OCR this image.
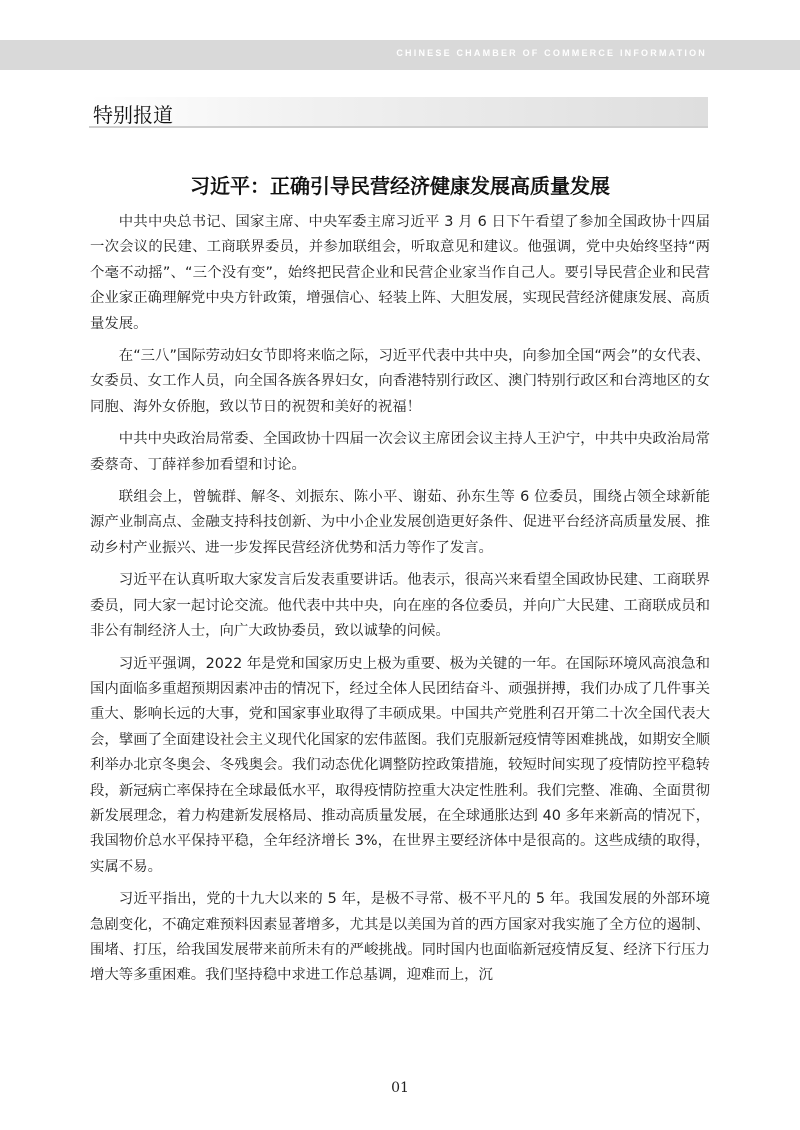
CHINESE CHAMBER OF COMMERCE INFORMATION
特别报道
习近平：正确引导民营经济健康发展高质量发展

中共中央总书记、国家主席、中央军委主席习近平 3 月 6 日下午看望了参加全国政协十四届一次会议的民建、工商联界委员，并参加联组会，听取意见和建议。他强调，党中央始终坚持“两个毫不动摇”、“三个没有变”，始终把民营企业和民营企业家当作自己人。要引导民营企业和民营企业家正确理解党中央方针政策，增强信心、轻装上阵、大胆发展，实现民营经济健康发展、高质量发展。

在“三八”国际劳动妇女节即将来临之际，习近平代表中共中央，向参加全国“两会”的女代表、女委员、女工作人员，向全国各族各界妇女，向香港特别行政区、澳门特别行政区和台湾地区的女同胞、海外女侨胞，致以节日的祝贺和美好的祝福！

中共中央政治局常委、全国政协十四届一次会议主席团会议主持人王沪宁，中共中央政治局常委蔡奇、丁薛祥参加看望和讨论。

联组会上，曾毓群、解冬、刘振东、陈小平、谢茹、孙东生等 6 位委员，围绕占领全球新能源产业制高点、金融支持科技创新、为中小企业发展创造更好条件、促进平台经济高质量发展、推动乡村产业振兴、进一步发挥民营经济优势和活力等作了发言。

习近平在认真听取大家发言后发表重要讲话。他表示，很高兴来看望全国政协民建、工商联界委员，同大家一起讨论交流。他代表中共中央，向在座的各位委员，并向广大民建、工商联成员和非公有制经济人士，向广大政协委员，致以诚挚的问候。

习近平强调，2022 年是党和国家历史上极为重要、极为关键的一年。在国际环境风高浪急和国内面临多重超预期因素冲击的情况下，经过全体人民团结奋斗、顽强拼搏，我们办成了几件事关重大、影响长远的大事，党和国家事业取得了丰硕成果。中国共产党胜利召开第二十次全国代表大会，擘画了全面建设社会主义现代化国家的宏伟蓝图。我们克服新冠疫情等困难挑战，如期安全顺利举办北京冬奥会、冬残奥会。我们动态优化调整防控政策措施，较短时间实现了疫情防控平稳转段，新冠病亡率保持在全球最低水平，取得疫情防控重大决定性胜利。我们完整、准确、全面贯彻新发展理念，着力构建新发展格局、推动高质量发展，在全球通胀达到 40 多年来新高的情况下，我国物价总水平保持平稳，全年经济增长 3%，在世界主要经济体中是很高的。这些成绩的取得，实属不易。

习近平指出，党的十九大以来的 5 年，是极不寻常、极不平凡的 5 年。我国发展的外部环境急剧变化，不确定难预料因素显著增多，尤其是以美国为首的西方国家对我实施了全方位的遏制、围堵、打压，给我国发展带来前所未有的严峻挑战。同时国内也面临新冠疫情反复、经济下行压力增大等多重困难。我们坚持稳中求进工作总基调，迎难而上，沉

01
